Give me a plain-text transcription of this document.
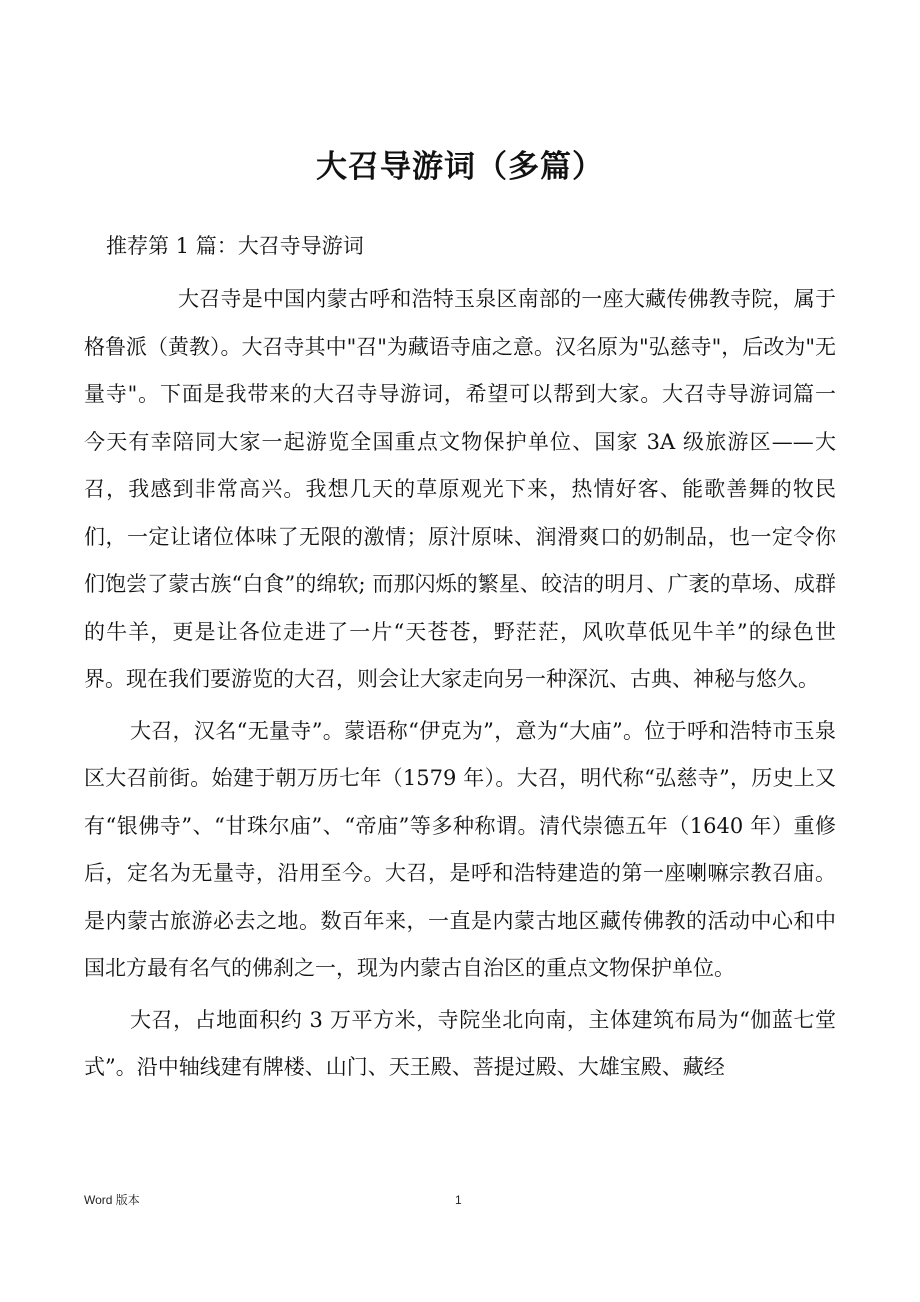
大召导游词（多篇）

推荐第 1 篇：大召寺导游词

大召寺是中国内蒙古呼和浩特玉泉区南部的一座大藏传佛教寺院，属于格鲁派（黄教）。大召寺其中"召"为藏语寺庙之意。汉名原为"弘慈寺"，后改为"无量寺"。下面是我带来的大召寺导游词，希望可以帮到大家。大召寺导游词篇一　　今天有幸陪同大家一起游览全国重点文物保护单位、国家 3A 级旅游区——大召，我感到非常高兴。我想几天的草原观光下来，热情好客、能歌善舞的牧民们，一定让诸位体味了无限的激情；原汁原味、润滑爽口的奶制品，也一定令你们饱尝了蒙古族“白食”的绵软; 而那闪烁的繁星、皎洁的明月、广袤的草场、成群的牛羊，更是让各位走进了一片“天苍苍，野茫茫，风吹草低见牛羊”的绿色世界。现在我们要游览的大召，则会让大家走向另一种深沉、古典、神秘与悠久。

大召，汉名“无量寺”。蒙语称“伊克为”，意为“大庙”。位于呼和浩特市玉泉区大召前街。始建于朝万历七年（1579 年）。大召，明代称“弘慈寺”，历史上又有“银佛寺”、“甘珠尔庙”、“帝庙”等多种称谓。清代崇德五年（1640 年）重修后，定名为无量寺，沿用至今。大召，是呼和浩特建造的第一座喇嘛宗教召庙。是内蒙古旅游必去之地。数百年来，一直是内蒙古地区藏传佛教的活动中心和中国北方最有名气的佛刹之一，现为内蒙古自治区的重点文物保护单位。

大召，占地面积约 3 万平方米，寺院坐北向南，主体建筑布局为“伽蓝七堂式”。沿中轴线建有牌楼、山门、天王殿、菩提过殿、大雄宝殿、藏经

Word 版本	1
